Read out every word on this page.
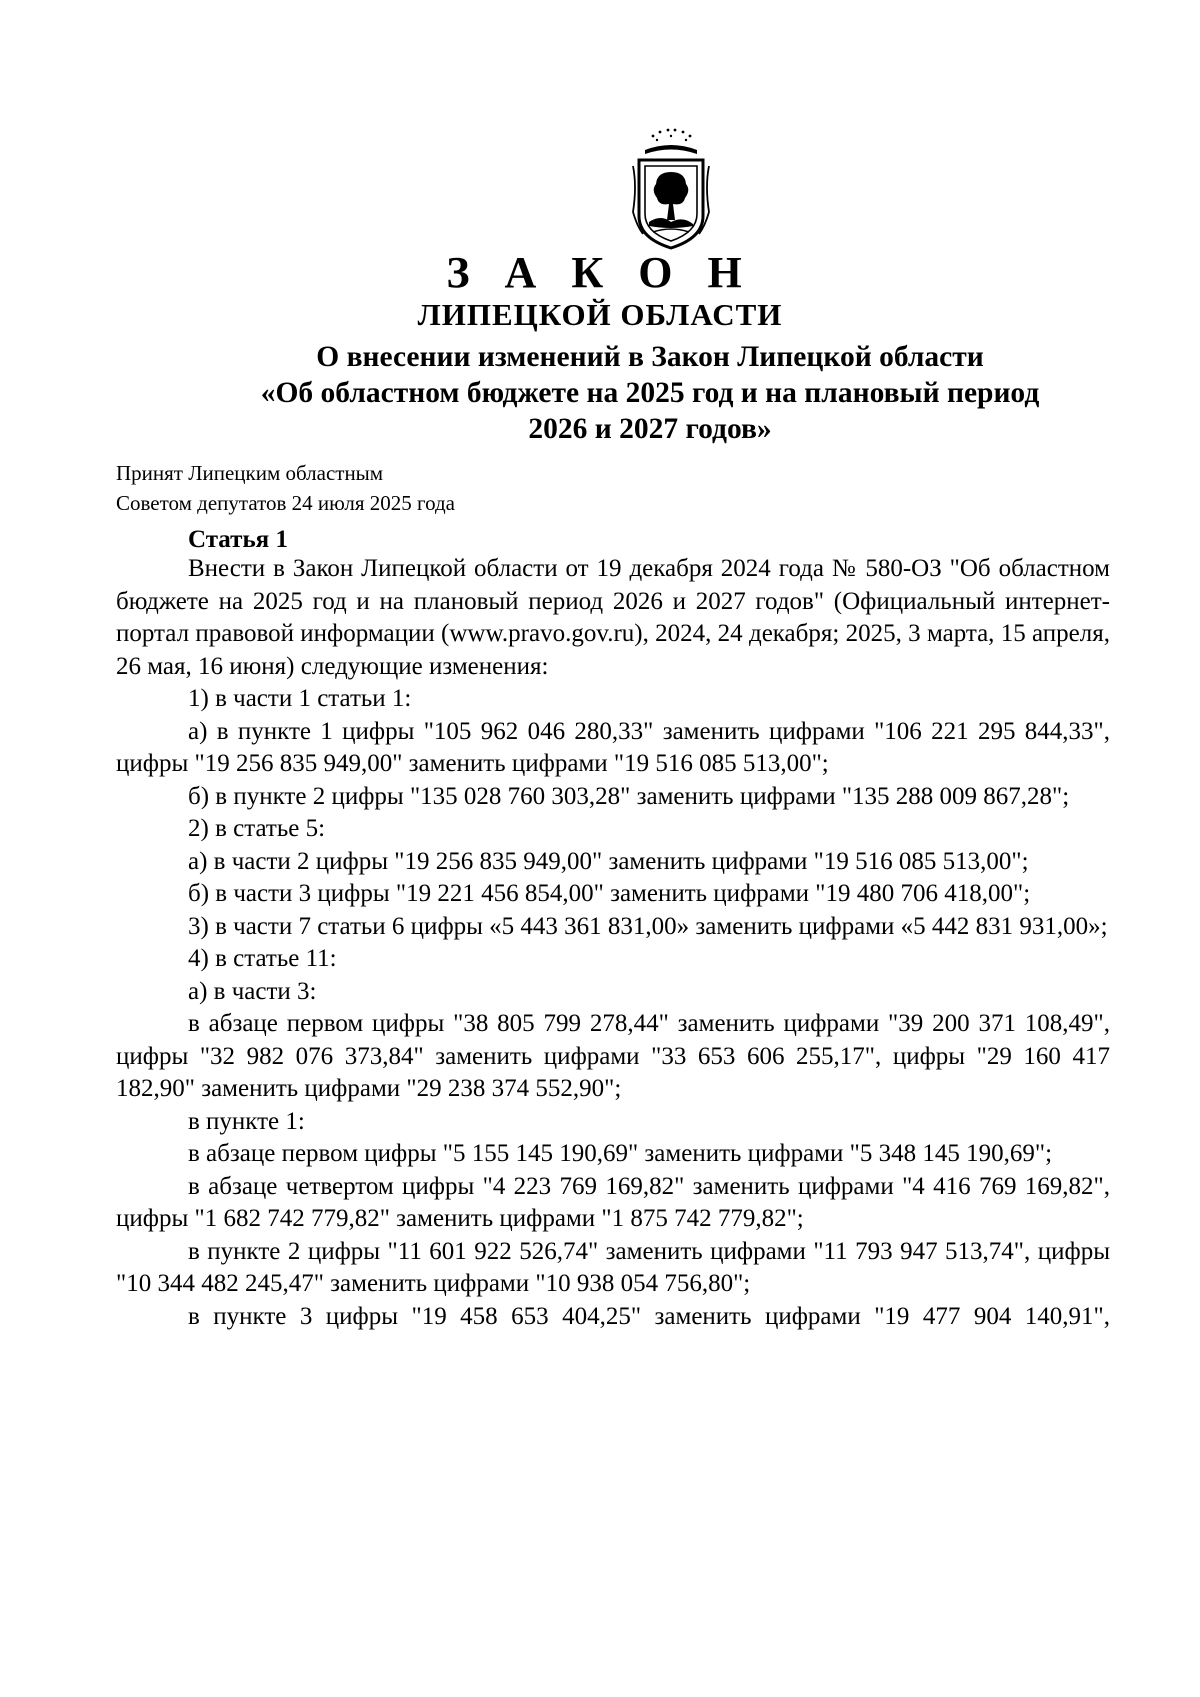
З А К О Н
ЛИПЕЦКОЙ ОБЛАСТИ
О внесении изменений в Закон Липецкой области
«Об областном бюджете на 2025 год и на плановый период
2026 и 2027 годов»
Принят Липецким областным
Советом депутатов 24 июля 2025 года
Статья 1

Внести в Закон Липецкой области от 19 декабря 2024 года № 580-ОЗ "Об областном бюджете на 2025 год и на плановый период 2026 и 2027 годов" (Официальный интернет-портал правовой информации (www.pravo.gov.ru), 2024, 24 декабря; 2025, 3 марта, 15 апреля, 26 мая, 16 июня) следующие изменения:

1) в части 1 статьи 1:

а) в пункте 1 цифры "105 962 046 280,33" заменить цифрами "106 221 295 844,33", цифры "19 256 835 949,00" заменить цифрами "19 516 085 513,00";

б) в пункте 2 цифры "135 028 760 303,28" заменить цифрами "135 288 009 867,28";

2) в статье 5:

а) в части 2 цифры "19 256 835 949,00" заменить цифрами "19 516 085 513,00";

б) в части 3 цифры "19 221 456 854,00" заменить цифрами "19 480 706 418,00";

3) в части 7 статьи 6 цифры «5 443 361 831,00» заменить цифрами «5 442 831 931,00»;

4) в статье 11:

а) в части 3:

в абзаце первом цифры "38 805 799 278,44" заменить цифрами "39 200 371 108,49", цифры "32 982 076 373,84" заменить цифрами "33 653 606 255,17", цифры "29 160 417 182,90" заменить цифрами "29 238 374 552,90";

в пункте 1:

в абзаце первом цифры "5 155 145 190,69" заменить цифрами "5 348 145 190,69";

в абзаце четвертом цифры "4 223 769 169,82" заменить цифрами "4 416 769 169,82", цифры "1 682 742 779,82" заменить цифрами "1 875 742 779,82";

в пункте 2 цифры "11 601 922 526,74" заменить цифрами "11 793 947 513,74", цифры "10 344 482 245,47" заменить цифрами "10 938 054 756,80";

в пункте 3 цифры "19 458 653 404,25" заменить цифрами "19 477 904 140,91",
